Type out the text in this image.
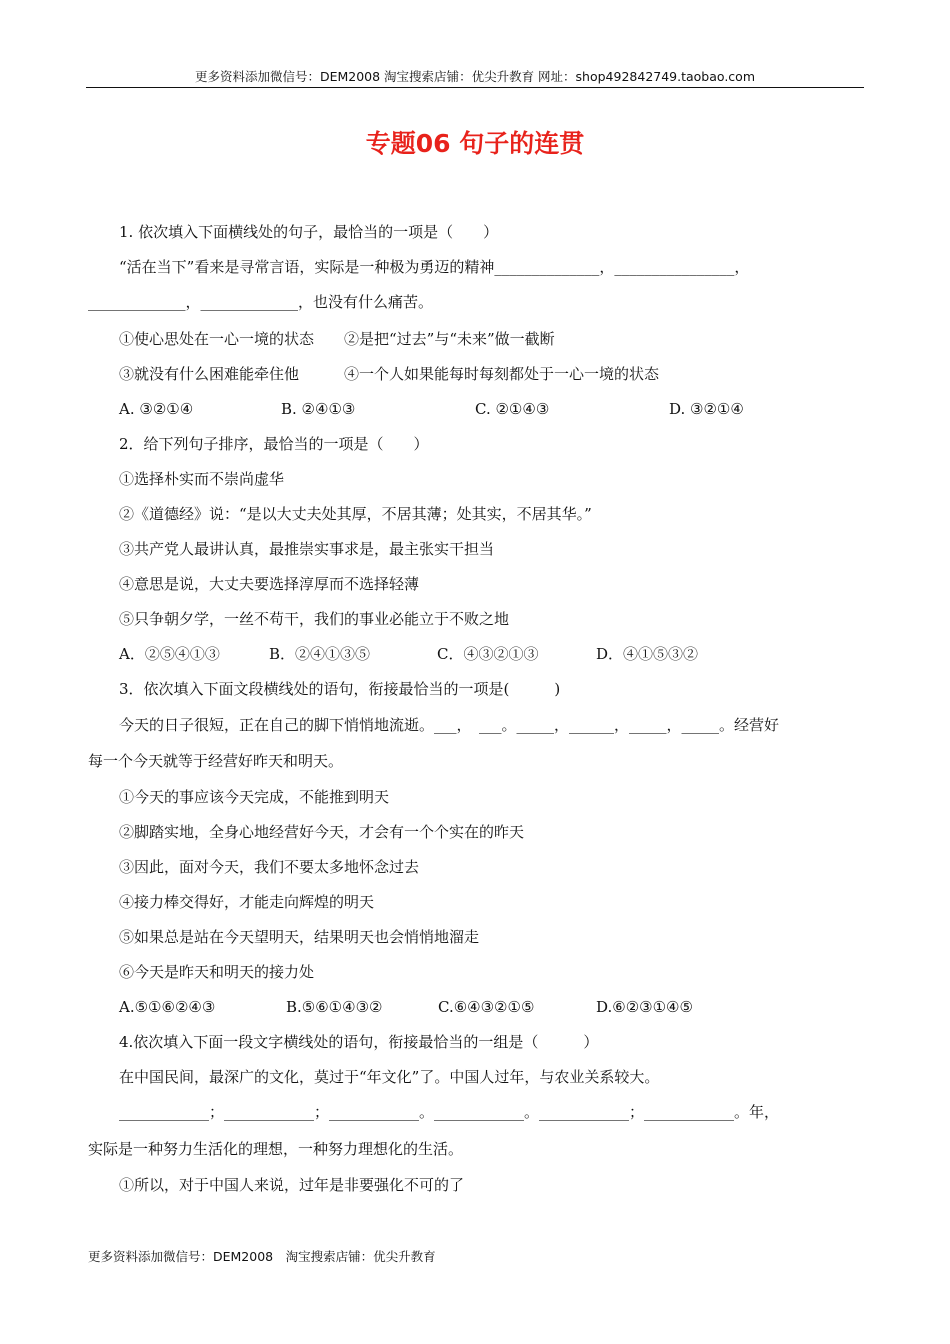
更多资料添加微信号：DEM2008 淘宝搜索店铺：优尖升教育 网址：shop492842749.taobao.com
专题06 句子的连贯
1. 依次填入下面横线处的句子，最恰当的一项是（　　）
“活在当下”看来是寻常言语，实际是一种极为勇迈的精神______________，________________，
_____________，_____________，也没有什么痛苦。
①使心思处在一心一境的状态　　②是把“过去”与“未来”做一截断
③就没有什么困难能牵住他　　　④一个人如果能每时每刻都处于一心一境的状态
A. ③②①④	B. ②④①③	C. ②①④③	D. ③②①④
2．给下列句子排序，最恰当的一项是（　　）
①选择朴实而不崇尚虚华
②《道德经》说：“是以大丈夫处其厚，不居其薄；处其实，不居其华。”
③共产党人最讲认真，最推崇实事求是，最主张实干担当
④意思是说，大丈夫要选择淳厚而不选择轻薄
⑤只争朝夕学，一丝不苟干，我们的事业必能立于不败之地
A．②⑤④①③	B．②④①③⑤	C．④③②①③	D．④①⑤③②
3．依次填入下面文段横线处的语句，衔接最恰当的一项是(　　　)
今天的日子很短，正在自己的脚下悄悄地流逝。___，　___。_____，______，_____，_____。经营好
每一个今天就等于经营好昨天和明天。
①今天的事应该今天完成，不能推到明天
②脚踏实地，全身心地经营好今天，才会有一个个实在的昨天
③因此，面对今天，我们不要太多地怀念过去
④接力棒交得好，才能走向辉煌的明天
⑤如果总是站在今天望明天，结果明天也会悄悄地溜走
⑥今天是昨天和明天的接力处
A.⑤①⑥②④③	B.⑤⑥①④③②	C.⑥④③②①⑤	D.⑥②③①④⑤
4.依次填入下面一段文字横线处的语句，衔接最恰当的一组是（　　　）
在中国民间，最深广的文化，莫过于“年文化”了。中国人过年，与农业关系较大。
____________；____________；____________。____________。____________；____________。年，
实际是一种努力生活化的理想，一种努力理想化的生活。
①所以，对于中国人来说，过年是非要强化不可的了
更多资料添加微信号：DEM2008　淘宝搜索店铺：优尖升教育
